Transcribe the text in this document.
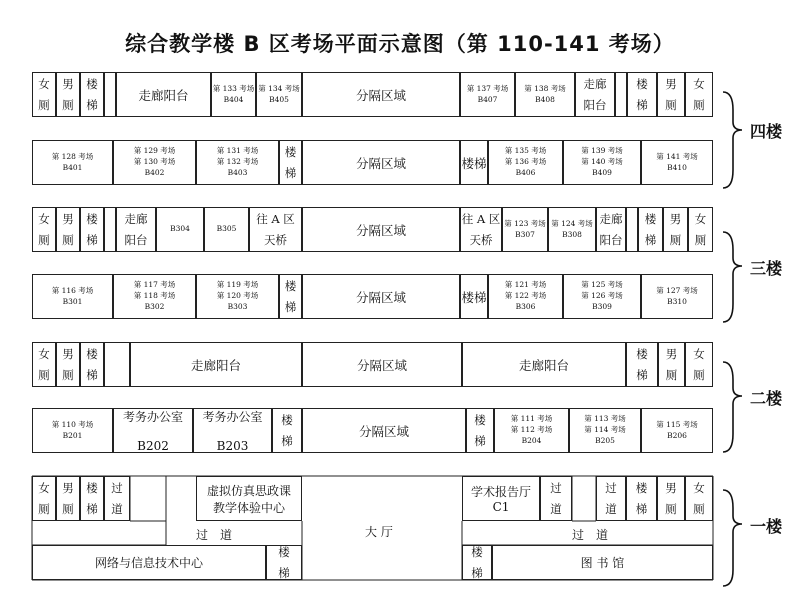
综合教学楼 B 区考场平面示意图（第 110-141 考场）
女
厕
男
厕
楼
梯
走廊阳台	第 133 考场
B404
第 134 考场
B405	分隔区域	第 137 考场
B407
第 138 考场
B408
走廊
阳台
楼
梯
男
厕
女
厕
第 128 考场
B401
第 129 考场
第 130 考场
B402
第 131 考场
第 132 考场
B403
楼
梯
分隔区域	楼梯
第 135 考场
第 136 考场
B406
第 139 考场
第 140 考场
B409
第 141 考场
B410
女
厕
男
厕
楼
梯
走廊
阳台
B304	B305
往 A 区
天桥
分隔区域
往 A 区
天桥
第 123 考场
B307
第 124 考场
B308
走廊
阳台
楼
梯
男
厕
女
厕
第 116 考场
B301
第 117 考场
第 118 考场
B302
第 119 考场
第 120 考场
B303
楼
梯
分隔区域	楼梯
第 121 考场
第 122 考场
B306
第 125 考场
第 126 考场
B309
第 127 考场
B310
女
厕
男
厕
楼
梯
走廊阳台	分隔区域	走廊阳台
楼
梯
男
厕
女
厕
第 110 考场
B201
考务办公室

B202
考务办公室

B203
楼
梯
分隔区域
楼
梯
第 111 考场
第 112 考场
B204
第 113 考场
第 114 考场
B205
第 115 考场
B206
女
厕
男
厕
楼
梯
过
道
虚拟仿真思政课
教学体验中心
学术报告厅
C1
过
道
过
道
楼
梯
男
厕
女
厕
网络与信息技术中心
楼
梯
楼
梯
图 书 馆
四楼
三楼
二楼
一楼
过　道	大 厅	过　道
